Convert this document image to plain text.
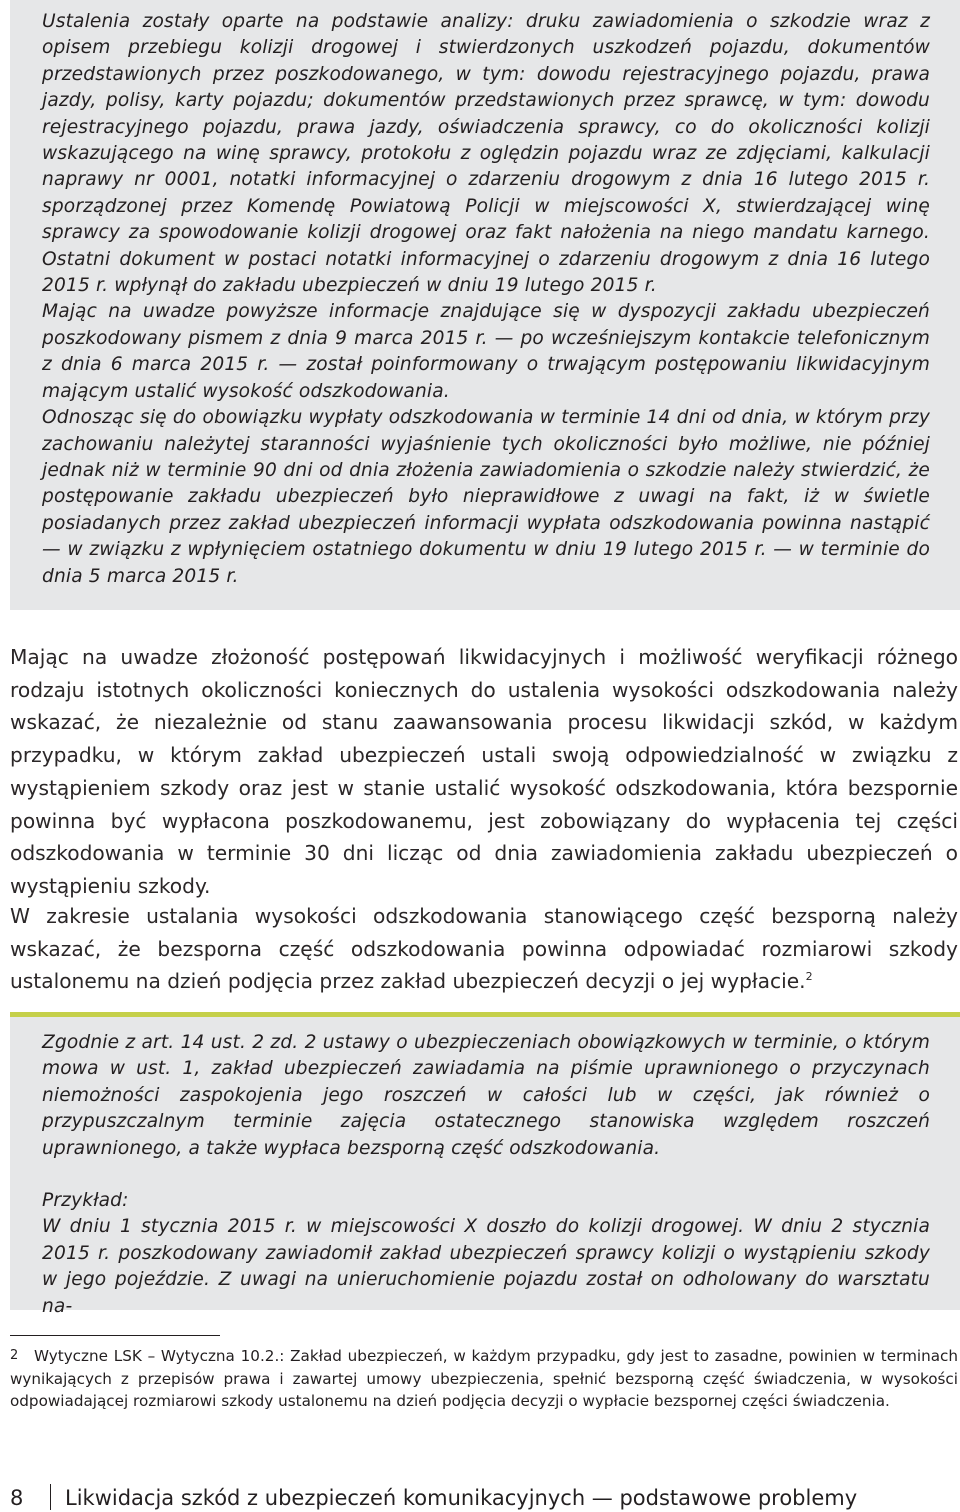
Ustalenia zostały oparte na podstawie analizy: druku zawiadomienia o szkodzie wraz z opisem przebiegu kolizji drogowej i stwierdzonych uszkodzeń pojazdu, dokumentów przedstawionych przez poszkodowanego, w tym: dowodu rejestracyjnego pojazdu, prawa jazdy, polisy, karty pojazdu; dokumentów przedstawionych przez sprawcę, w tym: dowodu rejestracyjnego pojazdu, prawa jazdy, oświadczenia sprawcy, co do okoliczności kolizji wskazującego na winę sprawcy, protokołu z oględzin pojazdu wraz ze zdjęciami, kalkulacji naprawy nr 0001, notatki informacyjnej o zdarzeniu drogowym z dnia 16 lutego 2015 r. sporządzonej przez Komendę Powiatową Policji w miejscowości X, stwierdzającej winę sprawcy za spowodowanie kolizji drogowej oraz fakt nałożenia na niego mandatu karnego. Ostatni dokument w postaci notatki informacyjnej o zdarzeniu drogowym z dnia 16 lutego 2015 r. wpłynął do zakładu ubezpieczeń w dniu 19 lutego 2015 r.

Mając na uwadze powyższe informacje znajdujące się w dyspozycji zakładu ubezpieczeń poszkodowany pismem z dnia 9 marca 2015 r. — po wcześniejszym kontakcie telefonicznym z dnia 6 marca 2015 r. — został poinformowany o trwającym postępowaniu likwidacyjnym mającym ustalić wysokość odszkodowania.

Odnosząc się do obowiązku wypłaty odszkodowania w terminie 14 dni od dnia, w którym przy zachowaniu należytej staranności wyjaśnienie tych okoliczności było możliwe, nie później jednak niż w terminie 90 dni od dnia złożenia zawiadomienia o szkodzie należy stwierdzić, że postępowanie zakładu ubezpieczeń było nieprawidłowe z uwagi na fakt, iż w świetle posiadanych przez zakład ubezpieczeń informacji wypłata odszkodowania powinna nastąpić — w związku z wpłynięciem ostatniego dokumentu w dniu 19 lutego 2015 r. — w terminie do dnia 5 marca 2015 r.

Mając na uwadze złożoność postępowań likwidacyjnych i możliwość weryfikacji różnego rodzaju istotnych okoliczności koniecznych do ustalenia wysokości odszkodowania należy wskazać, że niezależnie od stanu zaawansowania procesu likwidacji szkód, w każdym przypadku, w którym zakład ubezpieczeń ustali swoją odpowiedzialność w związku z wystąpieniem szkody oraz jest w stanie ustalić wysokość odszkodowania, która bezspornie powinna być wypłacona poszkodowanemu, jest zobowiązany do wypłacenia tej części odszkodowania w terminie 30 dni licząc od dnia zawiadomienia zakładu ubezpieczeń o wystąpieniu szkody.

W zakresie ustalania wysokości odszkodowania stanowiącego część bezsporną należy wskazać, że bezsporna część odszkodowania powinna odpowiadać rozmiarowi szkody ustalonemu na dzień podjęcia przez zakład ubezpieczeń decyzji o jej wypłacie.$^2$

Zgodnie z art. 14 ust. 2 zd. 2 ustawy o ubezpieczeniach obowiązkowych w terminie, o którym mowa w ust. 1, zakład ubezpieczeń zawiadamia na piśmie uprawnionego o przyczynach niemożności zaspokojenia jego roszczeń w całości lub w części, jak również o przypuszczalnym terminie zajęcia ostatecznego stanowiska względem roszczeń uprawnionego, a także wypłaca bezsporną część odszkodowania.

Przykład:

W dniu 1 stycznia 2015 r. w miejscowości X doszło do kolizji drogowej. W dniu 2 stycznia 2015 r. poszkodowany zawiadomił zakład ubezpieczeń sprawcy kolizji o wystąpieniu szkody w jego pojeździe. Z uwagi na unieruchomienie pojazdu został on odholowany do warsztatu na-

2 Wytyczne LSK – Wytyczna 10.2.: Zakład ubezpieczeń, w każdym przypadku, gdy jest to zasadne, powinien w terminach wynikających z przepisów prawa i zawartej umowy ubezpieczenia, spełnić bezsporną część świadczenia, w wysokości odpowiadającej rozmiarowi szkody ustalonemu na dzień podjęcia decyzji o wypłacie bezspornej części świadczenia.

8 Likwidacja szkód z ubezpieczeń komunikacyjnych — podstawowe problemy
